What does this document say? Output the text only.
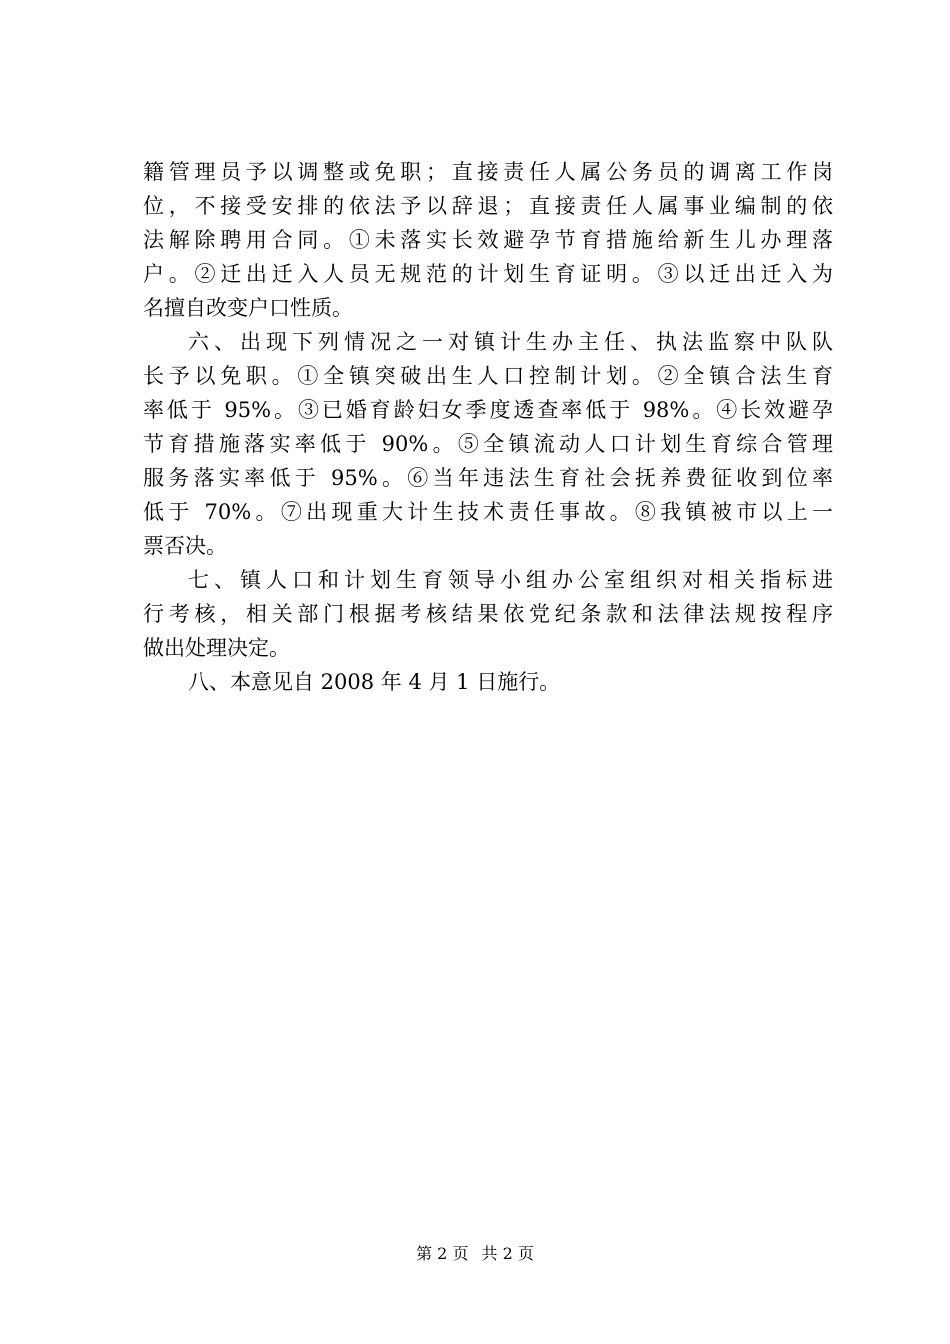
籍管理员予以调整或免职；直接责任人属公务员的调离工作岗
位，不接受安排的依法予以辞退；直接责任人属事业编制的依
法解除聘用合同。①未落实长效避孕节育措施给新生儿办理落
户。②迁出迁入人员无规范的计划生育证明。③以迁出迁入为
名擅自改变户口性质。
六、出现下列情况之一对镇计生办主任、执法监察中队队
长予以免职。①全镇突破出生人口控制计划。②全镇合法生育
率低于 95%。③已婚育龄妇女季度透查率低于 98%。④长效避孕
节育措施落实率低于 90%。⑤全镇流动人口计划生育综合管理
服务落实率低于 95%。⑥当年违法生育社会抚养费征收到位率
低于 70%。⑦出现重大计生技术责任事故。⑧我镇被市以上一
票否决。
七、镇人口和计划生育领导小组办公室组织对相关指标进
行考核，相关部门根据考核结果依党纪条款和法律法规按程序
做出处理决定。
八、本意见自 2008 年 4 月 1 日施行。
第 2 页 共 2 页
